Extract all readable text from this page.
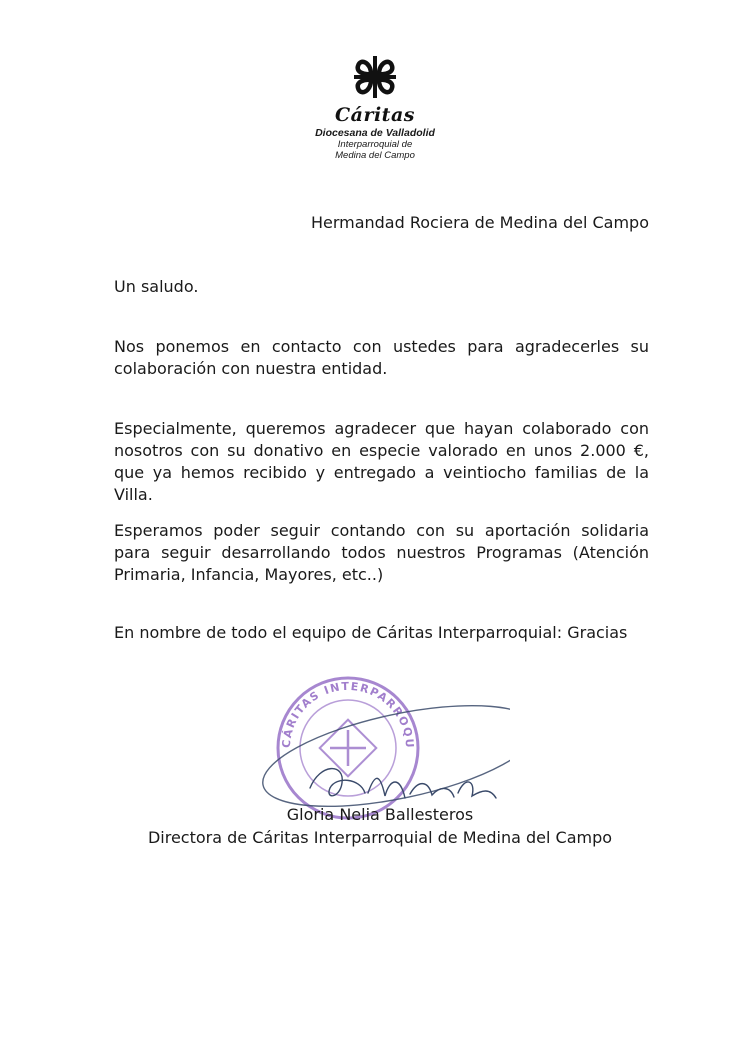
Cáritas
Diocesana de Valladolid
Interparroquial de
Medina del Campo
Hermandad Rociera de Medina del Campo

Un saludo.

Nos ponemos en contacto con ustedes para agradecerles su colaboración con nuestra entidad.

Especialmente, queremos agradecer que hayan colaborado con nosotros con su donativo en especie valorado en unos 2.000 €, que ya hemos recibido y entregado a veintiocho familias de la Villa.

Esperamos poder seguir contando con su aportación solidaria para seguir desarrollando todos nuestros Programas (Atención Primaria, Infancia, Mayores, etc..)

En nombre de todo el equipo de Cáritas Interparroquial: Gracias

CÁRITAS INTERPARROQU
Gloria Nelia Ballesteros
Directora de Cáritas Interparroquial de Medina del Campo
